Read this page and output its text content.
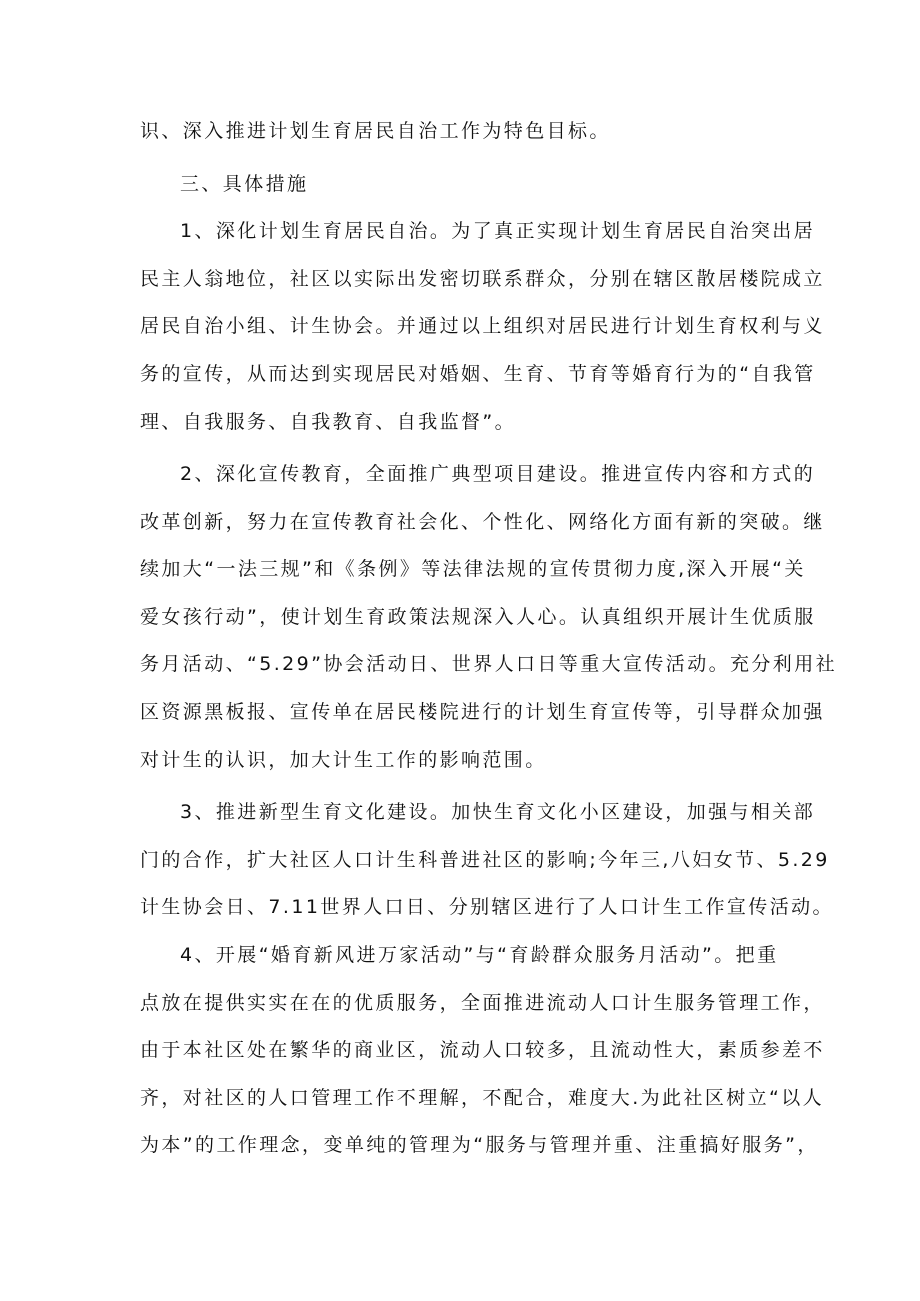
识、深入推进计划生育居民自治工作为特色目标。
三、具体措施
1、深化计划生育居民自治。为了真正实现计划生育居民自治突出居
民主人翁地位，社区以实际出发密切联系群众，分别在辖区散居楼院成立
居民自治小组、计生协会。并通过以上组织对居民进行计划生育权利与义
务的宣传，从而达到实现居民对婚姻、生育、节育等婚育行为的“自我管
理、自我服务、自我教育、自我监督”。
2、深化宣传教育，全面推广典型项目建设。推进宣传内容和方式的
改革创新，努力在宣传教育社会化、个性化、网络化方面有新的突破。继
续加大“一法三规”和《条例》等法律法规的宣传贯彻力度,深入开展“关
爱女孩行动”，使计划生育政策法规深入人心。认真组织开展计生优质服
务月活动、“5.29”协会活动日、世界人口日等重大宣传活动。充分利用社
区资源黑板报、宣传单在居民楼院进行的计划生育宣传等，引导群众加强
对计生的认识，加大计生工作的影响范围。
3、推进新型生育文化建设。加快生育文化小区建设，加强与相关部
门的合作，扩大社区人口计生科普进社区的影响;今年三,八妇女节、5.29
计生协会日、7.11世界人口日、分别辖区进行了人口计生工作宣传活动。
4、开展“婚育新风进万家活动”与“育龄群众服务月活动”。把重
点放在提供实实在在的优质服务，全面推进流动人口计生服务管理工作，
由于本社区处在繁华的商业区，流动人口较多，且流动性大，素质参差不
齐，对社区的人口管理工作不理解，不配合，难度大.为此社区树立“以人
为本”的工作理念，变单纯的管理为“服务与管理并重、注重搞好服务”，
